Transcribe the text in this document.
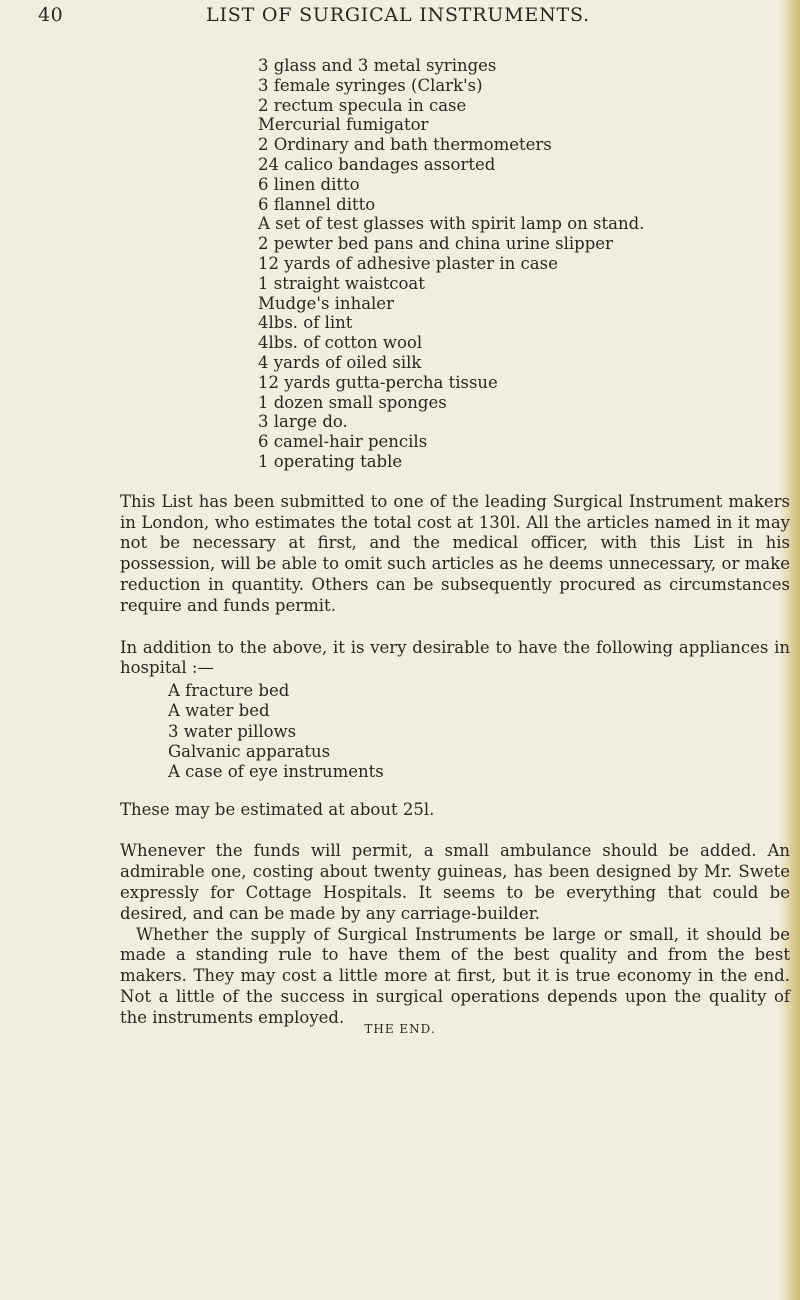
40	LIST OF SURGICAL INSTRUMENTS.
3 glass and 3 metal syringes
3 female syringes (Clark's)
2 rectum specula in case
Mercurial fumigator
2 Ordinary and bath thermometers
24 calico bandages assorted
6 linen ditto
6 flannel ditto
A set of test glasses with spirit lamp on stand.
2 pewter bed pans and china urine slipper
12 yards of adhesive plaster in case
1 straight waistcoat
Mudge's inhaler
4lbs. of lint
4lbs. of cotton wool
4 yards of oiled silk
12 yards gutta-percha tissue
1 dozen small sponges
3 large do.
6 camel-hair pencils
1 operating table

This List has been submitted to one of the leading Surgical Instrument makers in London, who estimates the total cost at 130l. All the articles named in it may not be necessary at first, and the medical officer, with this List in his possession, will be able to omit such articles as he deems unnecessary, or make reduction in quantity. Others can be subsequently procured as circumstances require and funds permit.

In addition to the above, it is very desirable to have the following appliances in hospital :—

A fracture bed
A water bed
3 water pillows
Galvanic apparatus
A case of eye instruments

These may be estimated at about 25l.

Whenever the funds will permit, a small ambulance should be added. An admirable one, costing about twenty guineas, has been designed by Mr. Swete expressly for Cottage Hospitals. It seems to be everything that could be desired, and can be made by any carriage-builder.

Whether the supply of Surgical Instruments be large or small, it should be made a standing rule to have them of the best quality and from the best makers. They may cost a little more at first, but it is true economy in the end. Not a little of the success in surgical operations depends upon the quality of the instruments employed.

THE END.
